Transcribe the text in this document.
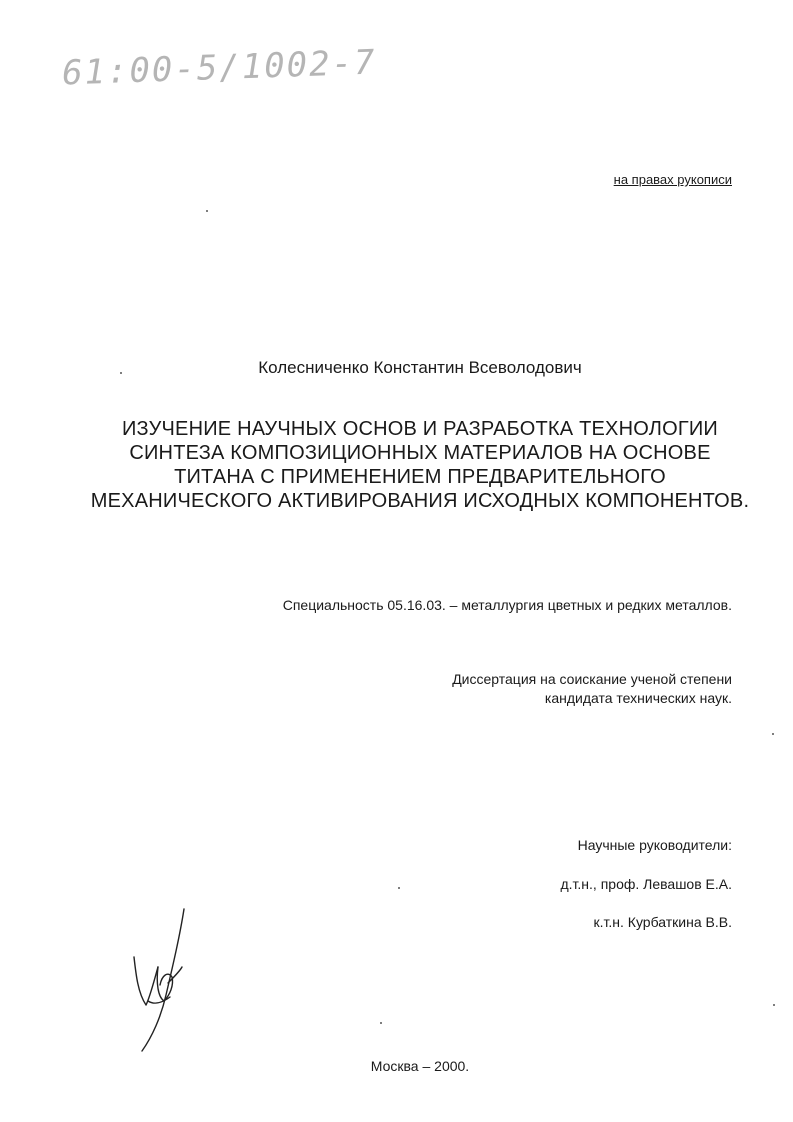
61:00-5/1002-7
на правах рукописи
Колесниченко Константин Всеволодович
ИЗУЧЕНИЕ НАУЧНЫХ ОСНОВ И РАЗРАБОТКА ТЕХНОЛОГИИ СИНТЕЗА КОМПОЗИЦИОННЫХ МАТЕРИАЛОВ НА ОСНОВЕ ТИТАНА С ПРИМЕНЕНИЕМ ПРЕДВАРИТЕЛЬНОГО МЕХАНИЧЕСКОГО АКТИВИРОВАНИЯ ИСХОДНЫХ КОМПОНЕНТОВ.
Специальность 05.16.03. – металлургия цветных и редких металлов.
Диссертация на соискание ученой степени
кандидата технических наук.
Научные руководители:
д.т.н., проф. Левашов Е.А.
к.т.н. Курбаткина В.В.
Москва – 2000.
